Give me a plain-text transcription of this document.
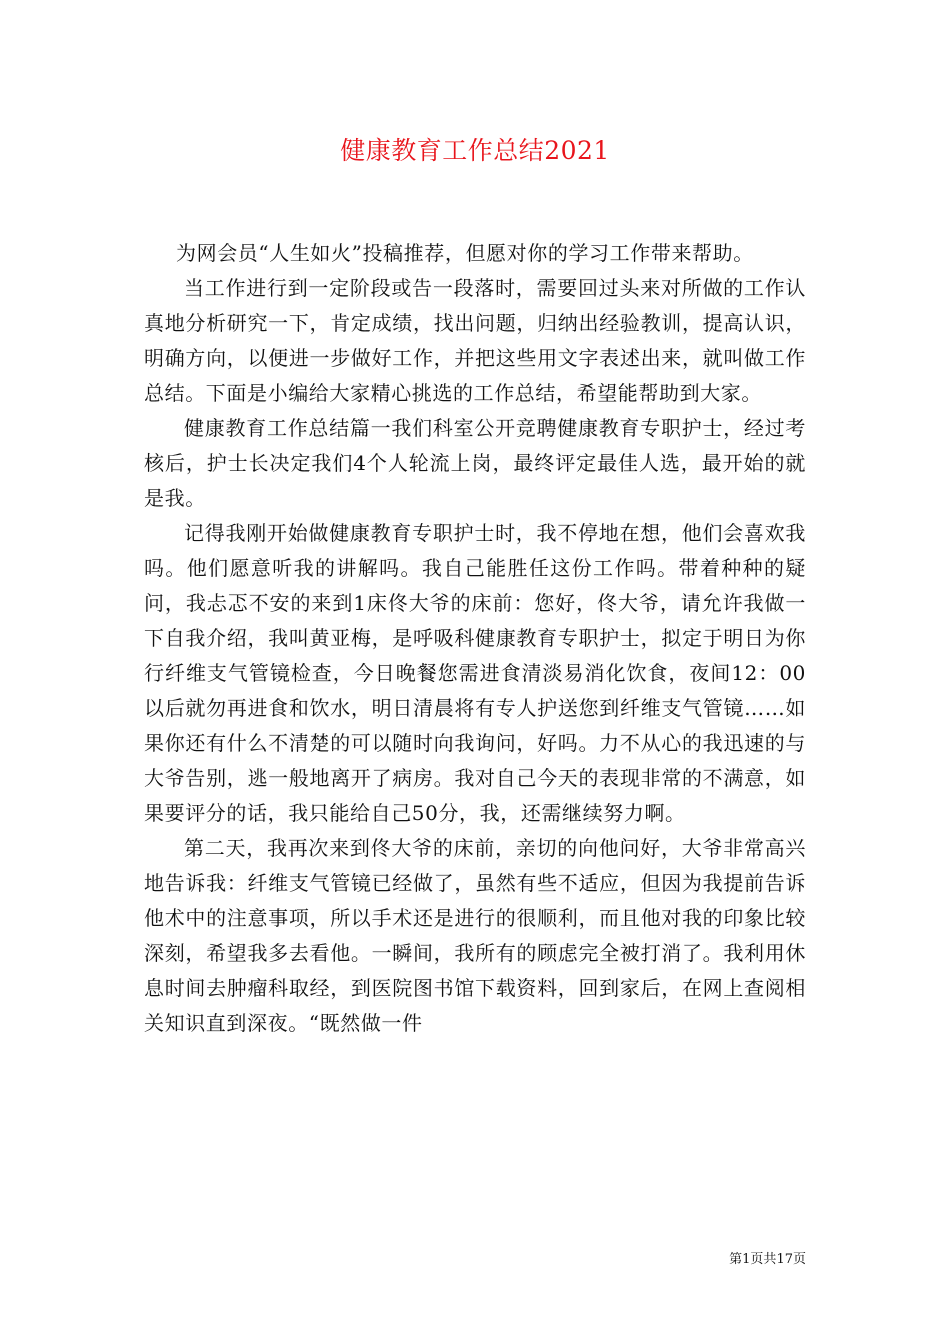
健康教育工作总结2021

为网会员“人生如火”投稿推荐，但愿对你的学习工作带来帮助。

当工作进行到一定阶段或告一段落时，需要回过头来对所做的工作认真地分析研究一下，肯定成绩，找出问题，归纳出经验教训，提高认识，明确方向，以便进一步做好工作，并把这些用文字表述出来，就叫做工作总结。下面是小编给大家精心挑选的工作总结，希望能帮助到大家。

健康教育工作总结篇一我们科室公开竞聘健康教育专职护士，经过考核后，护士长决定我们4个人轮流上岗，最终评定最佳人选，最开始的就是我。

记得我刚开始做健康教育专职护士时，我不停地在想，他们会喜欢我吗。他们愿意听我的讲解吗。我自己能胜任这份工作吗。带着种种的疑问，我忐忑不安的来到1床佟大爷的床前：您好，佟大爷，请允许我做一下自我介绍，我叫黄亚梅，是呼吸科健康教育专职护士，拟定于明日为你行纤维支气管镜检查，今日晚餐您需进食清淡易消化饮食，夜间12：00以后就勿再进食和饮水，明日清晨将有专人护送您到纤维支气管镜……如果你还有什么不清楚的可以随时向我询问，好吗。力不从心的我迅速的与大爷告别，逃一般地离开了病房。我对自己今天的表现非常的不满意，如果要评分的话，我只能给自己50分，我，还需继续努力啊。

第二天，我再次来到佟大爷的床前，亲切的向他问好，大爷非常高兴地告诉我：纤维支气管镜已经做了，虽然有些不适应，但因为我提前告诉他术中的注意事项，所以手术还是进行的很顺利，而且他对我的印象比较深刻，希望我多去看他。一瞬间，我所有的顾虑完全被打消了。我利用休息时间去肿瘤科取经，到医院图书馆下载资料，回到家后，在网上查阅相关知识直到深夜。“既然做一件

第1页共17页
